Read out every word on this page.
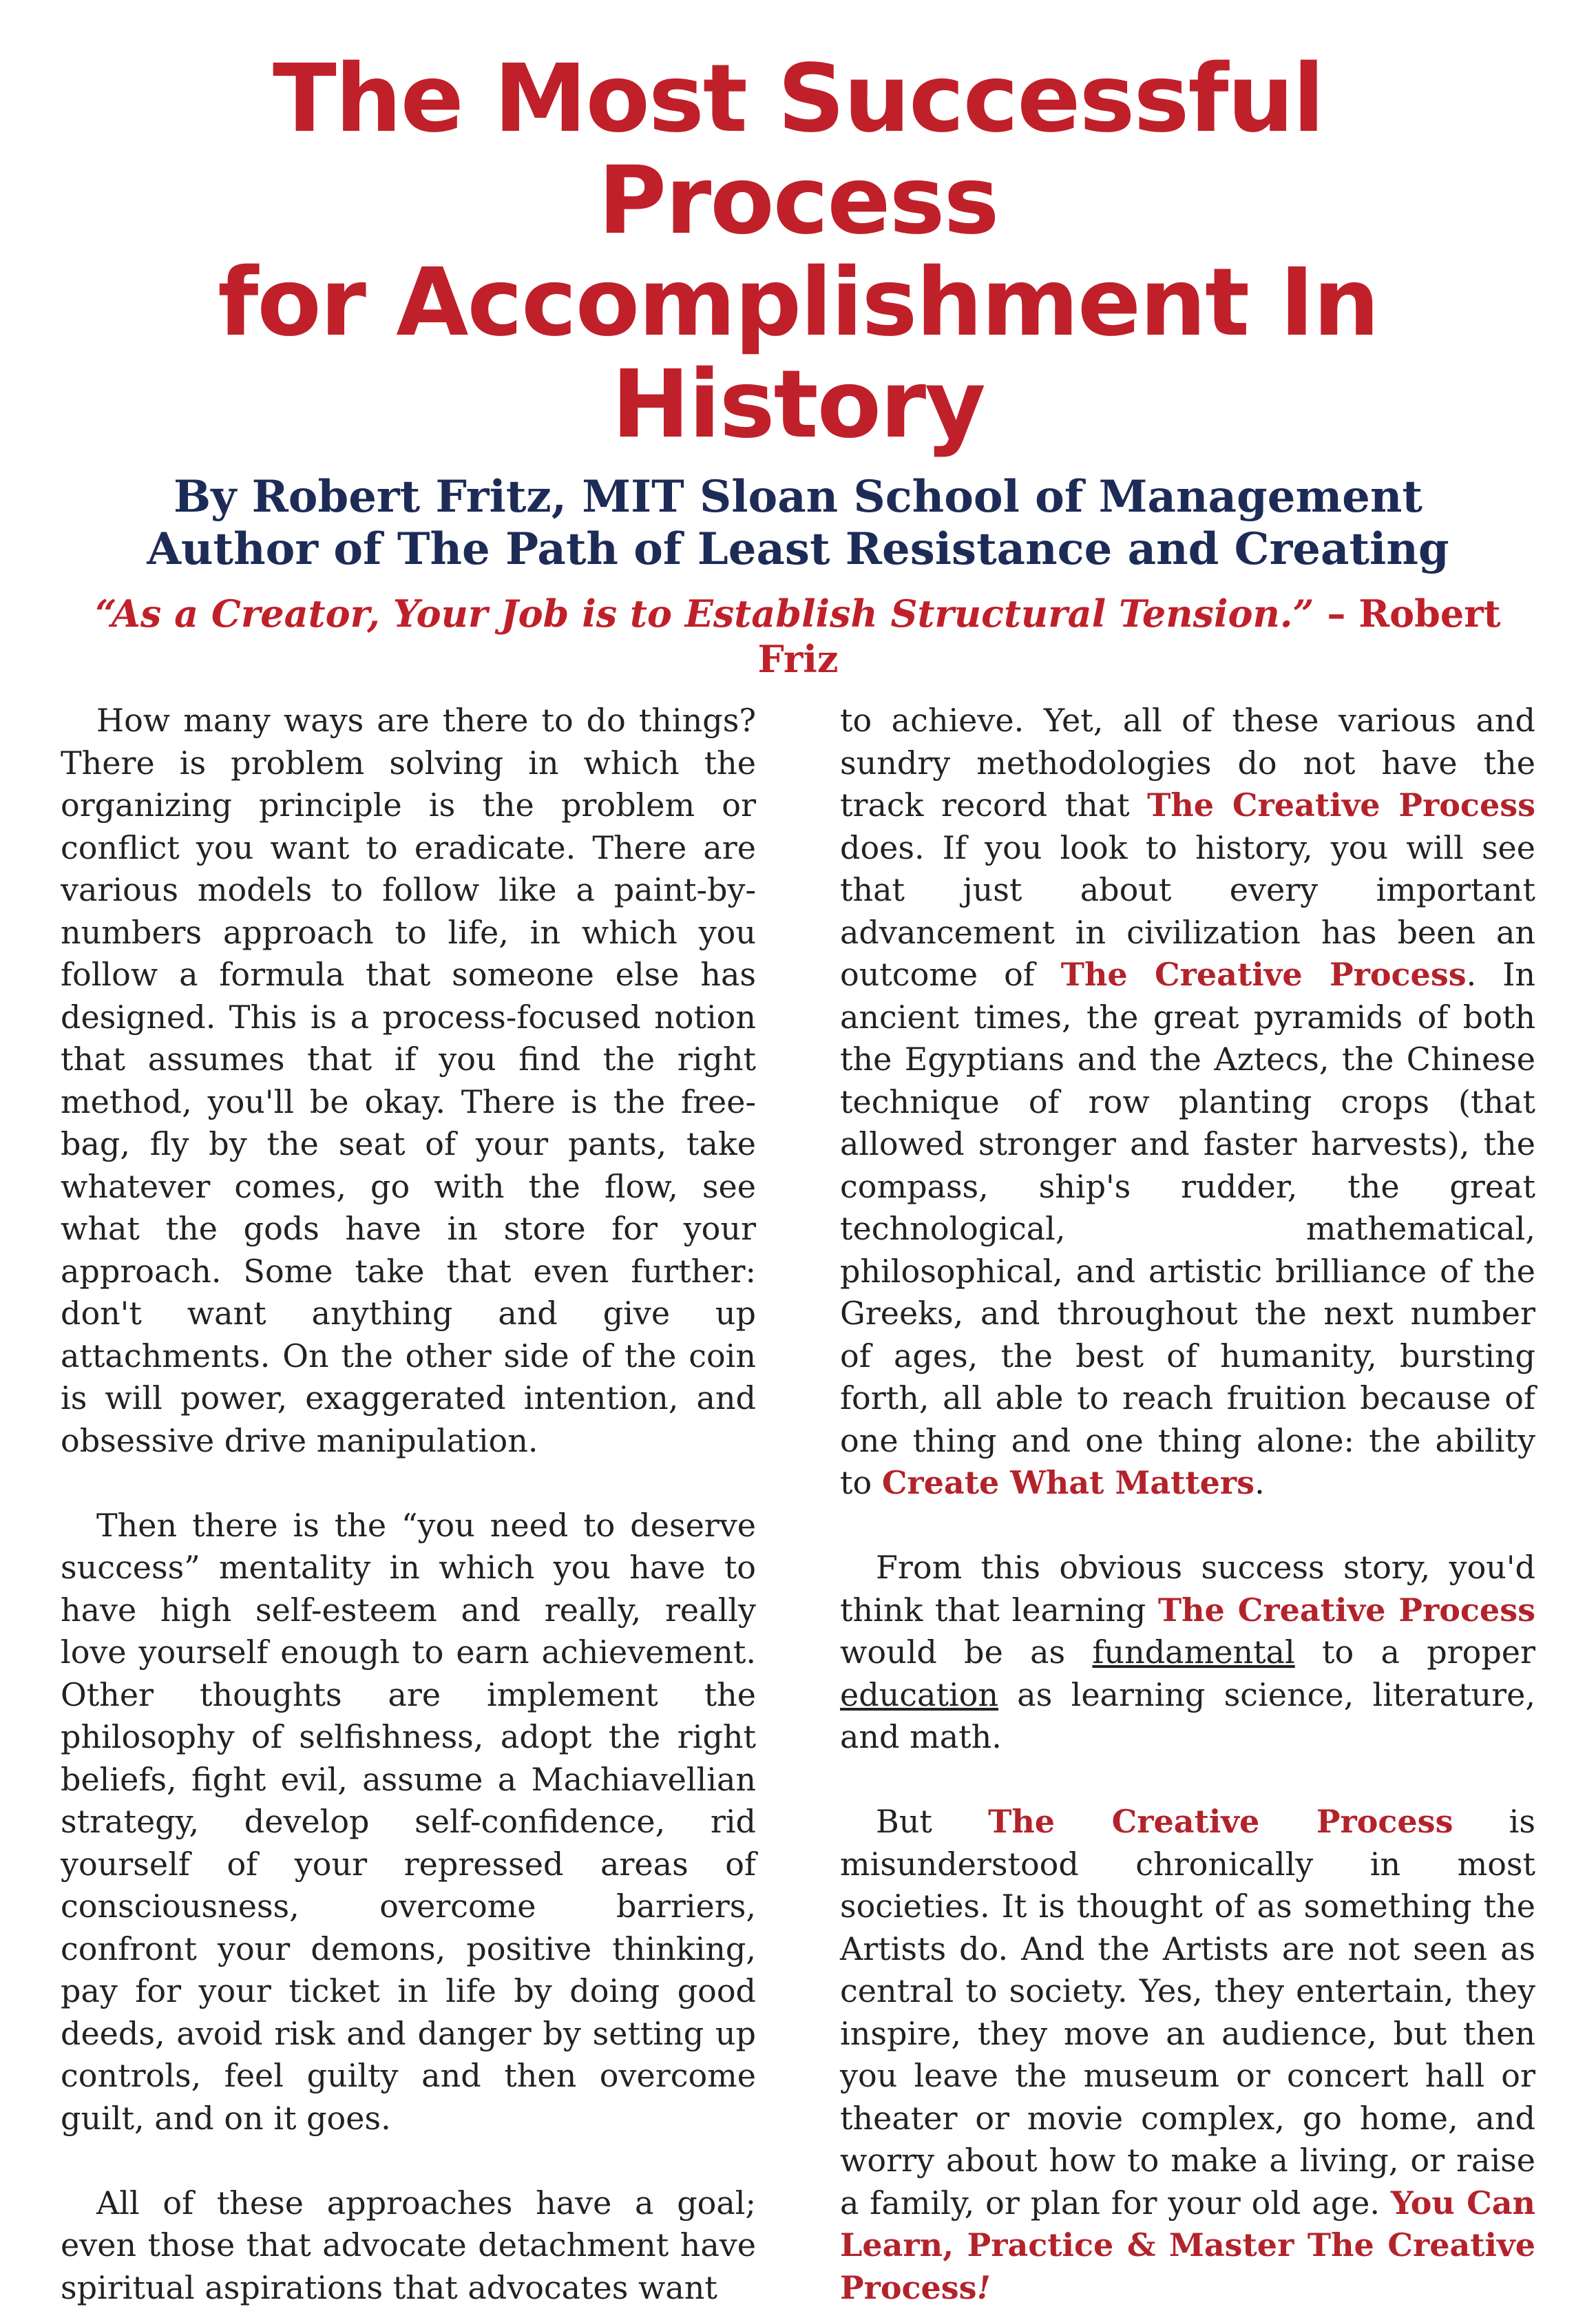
The Most Successful Process
for Accomplishment In History
By Robert Fritz, MIT Sloan School of Management
Author of The Path of Least Resistance and Creating
“As a Creator, Your Job is to Establish Structural Tension.” – Robert Friz

How many ways are there to do things? There is problem solving in which the organizing principle is the problem or conflict you want to eradicate. There are various models to follow like a paint-by-numbers approach to life, in which you follow a formula that someone else has designed. This is a process-focused notion that assumes that if you find the right method, you'll be okay. There is the free-bag, fly by the seat of your pants, take whatever comes, go with the flow, see what the gods have in store for your approach. Some take that even further: don't want anything and give up attachments. On the other side of the coin is will power, exaggerated intention, and obsessive drive manipulation.

Then there is the “you need to deserve success” mentality in which you have to have high self-esteem and really, really love yourself enough to earn achievement. Other thoughts are implement the philosophy of selfishness, adopt the right beliefs, fight evil, assume a Machiavellian strategy, develop self-confidence, rid yourself of your repressed areas of consciousness, overcome barriers, confront your demons, positive thinking, pay for your ticket in life by doing good deeds, avoid risk and danger by setting up controls, feel guilty and then overcome guilt, and on it goes.

All of these approaches have a goal; even those that advocate detachment have spiritual aspirations that advocates want

to achieve. Yet, all of these various and sundry methodologies do not have the track record that The Creative Process does. If you look to history, you will see that just about every important advancement in civilization has been an outcome of The Creative Process. In ancient times, the great pyramids of both the Egyptians and the Aztecs, the Chinese technique of row planting crops (that allowed stronger and faster harvests), the compass, ship's rudder, the great technological, mathematical, philosophical, and artistic brilliance of the Greeks, and throughout the next number of ages, the best of humanity, bursting forth, all able to reach fruition because of one thing and one thing alone: the ability to Create What Matters.

From this obvious success story, you'd think that learning The Creative Process would be as fundamental to a proper education as learning science, literature, and math.

But The Creative Process is misunderstood chronically in most societies. It is thought of as something the Artists do. And the Artists are not seen as central to society. Yes, they entertain, they inspire, they move an audience, but then you leave the museum or concert hall or theater or movie complex, go home, and worry about how to make a living, or raise a family, or plan for your old age. You Can Learn, Practice & Master The Creative Process!
